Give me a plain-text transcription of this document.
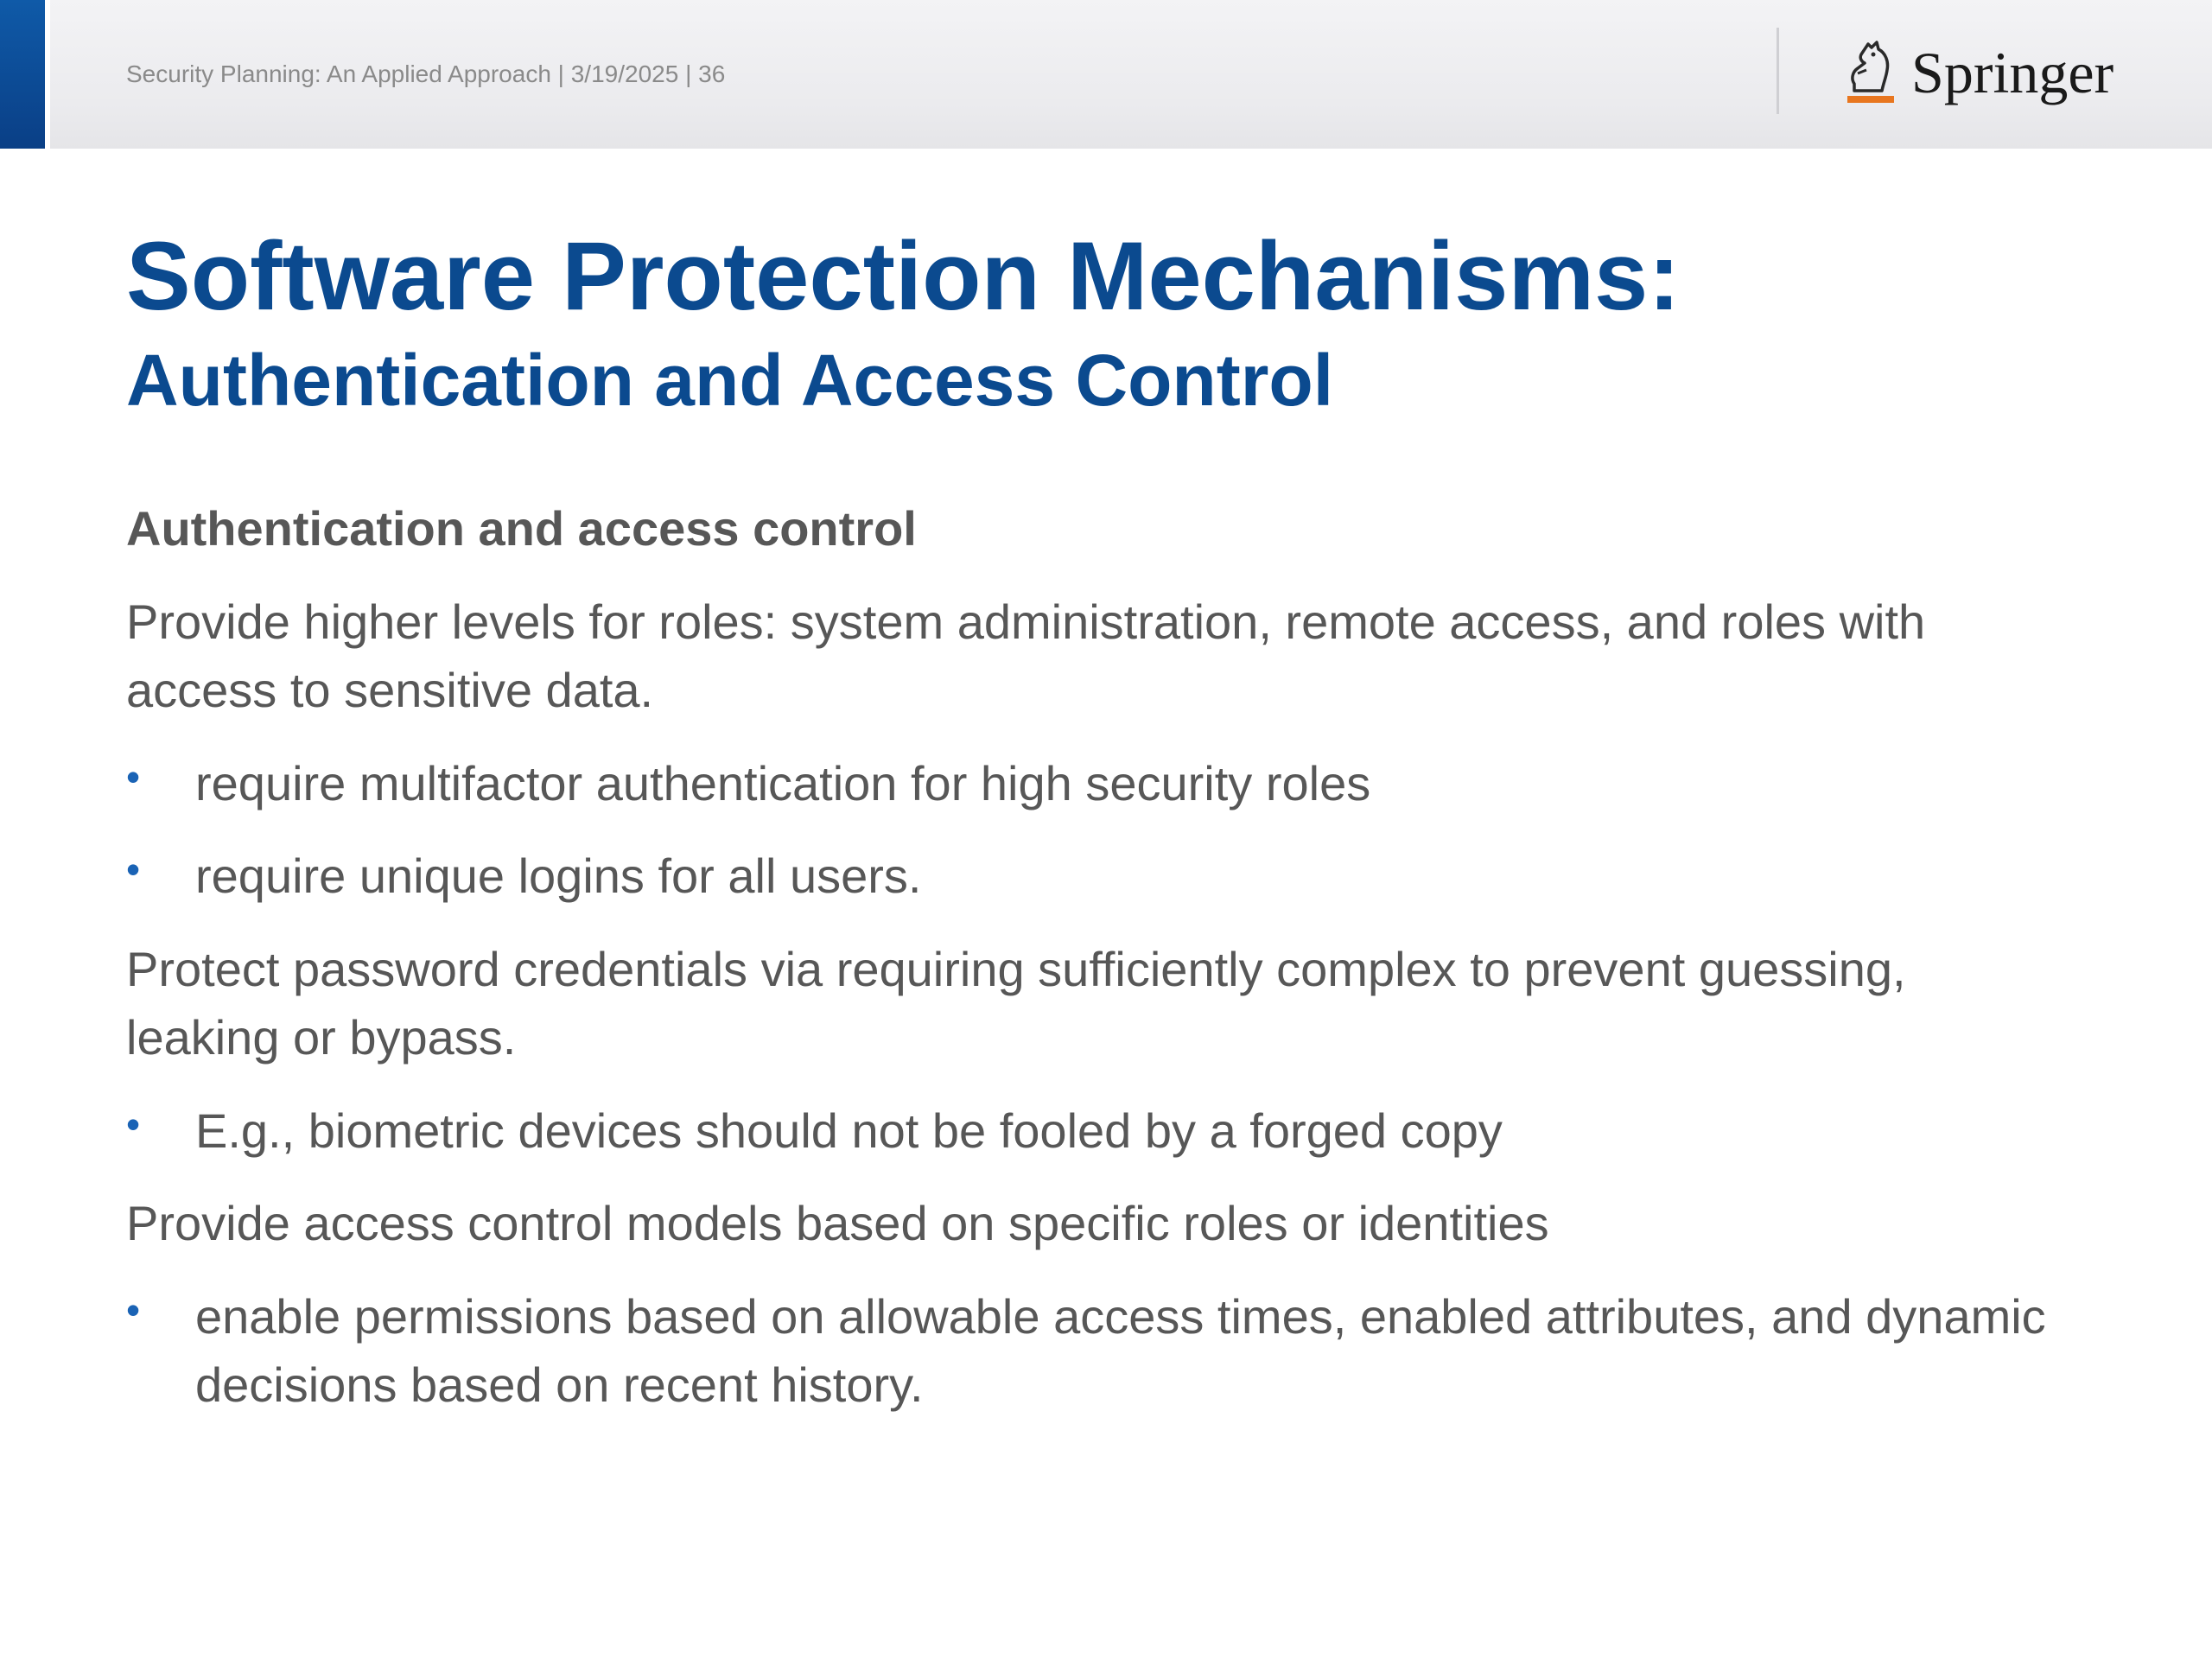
Security Planning: An Applied Approach | 3/19/2025 | 36	Springer
Software Protection Mechanisms:
Authentication and Access Control

Authentication and access control

Provide higher levels for roles: system administration, remote access, and roles with access to sensitive data.

• require multifactor authentication for high security roles
• require unique logins for all users.

Protect password credentials via requiring sufficiently complex to prevent guessing, leaking or bypass.

• E.g., biometric devices should not be fooled by a forged copy

Provide access control models based on specific roles or identities

• enable permissions based on allowable access times, enabled attributes, and dynamic decisions based on recent history.
